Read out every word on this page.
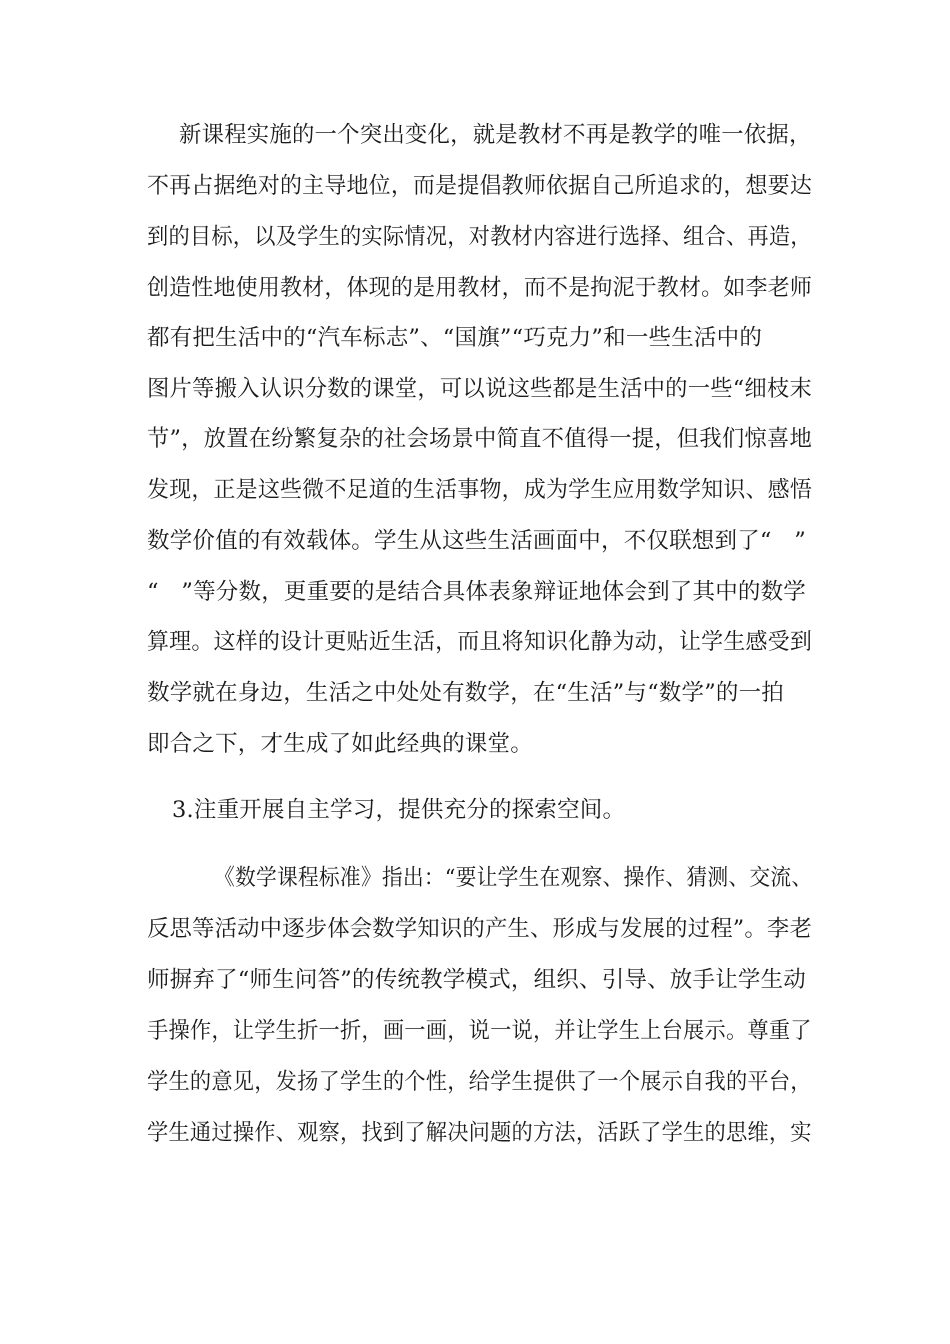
新课程实施的一个突出变化，就是教材不再是教学的唯一依据，
不再占据绝对的主导地位，而是提倡教师依据自己所追求的，想要达
到的目标，以及学生的实际情况，对教材内容进行选择、组合、再造，
创造性地使用教材，体现的是用教材，而不是拘泥于教材。如李老师
都有把生活中的“汽车标志”、“国旗”“巧克力”和一些生活中的
图片等搬入认识分数的课堂，可以说这些都是生活中的一些“细枝末
节”，放置在纷繁复杂的社会场景中简直不值得一提，但我们惊喜地
发现，正是这些微不足道的生活事物，成为学生应用数学知识、感悟
数学价值的有效载体。学生从这些生活画面中，不仅联想到了“　”
“　”等分数，更重要的是结合具体表象辩证地体会到了其中的数学
算理。这样的设计更贴近生活，而且将知识化静为动，让学生感受到
数学就在身边，生活之中处处有数学，在“生活”与“数学”的一拍
即合之下，才生成了如此经典的课堂。
3.注重开展自主学习，提供充分的探索空间。
《数学课程标准》指出：“要让学生在观察、操作、猜测、交流、
反思等活动中逐步体会数学知识的产生、形成与发展的过程”。李老
师摒弃了“师生问答”的传统教学模式，组织、引导、放手让学生动
手操作，让学生折一折，画一画，说一说，并让学生上台展示。尊重了
学生的意见，发扬了学生的个性，给学生提供了一个展示自我的平台，
学生通过操作、观察，找到了解决问题的方法，活跃了学生的思维，实
